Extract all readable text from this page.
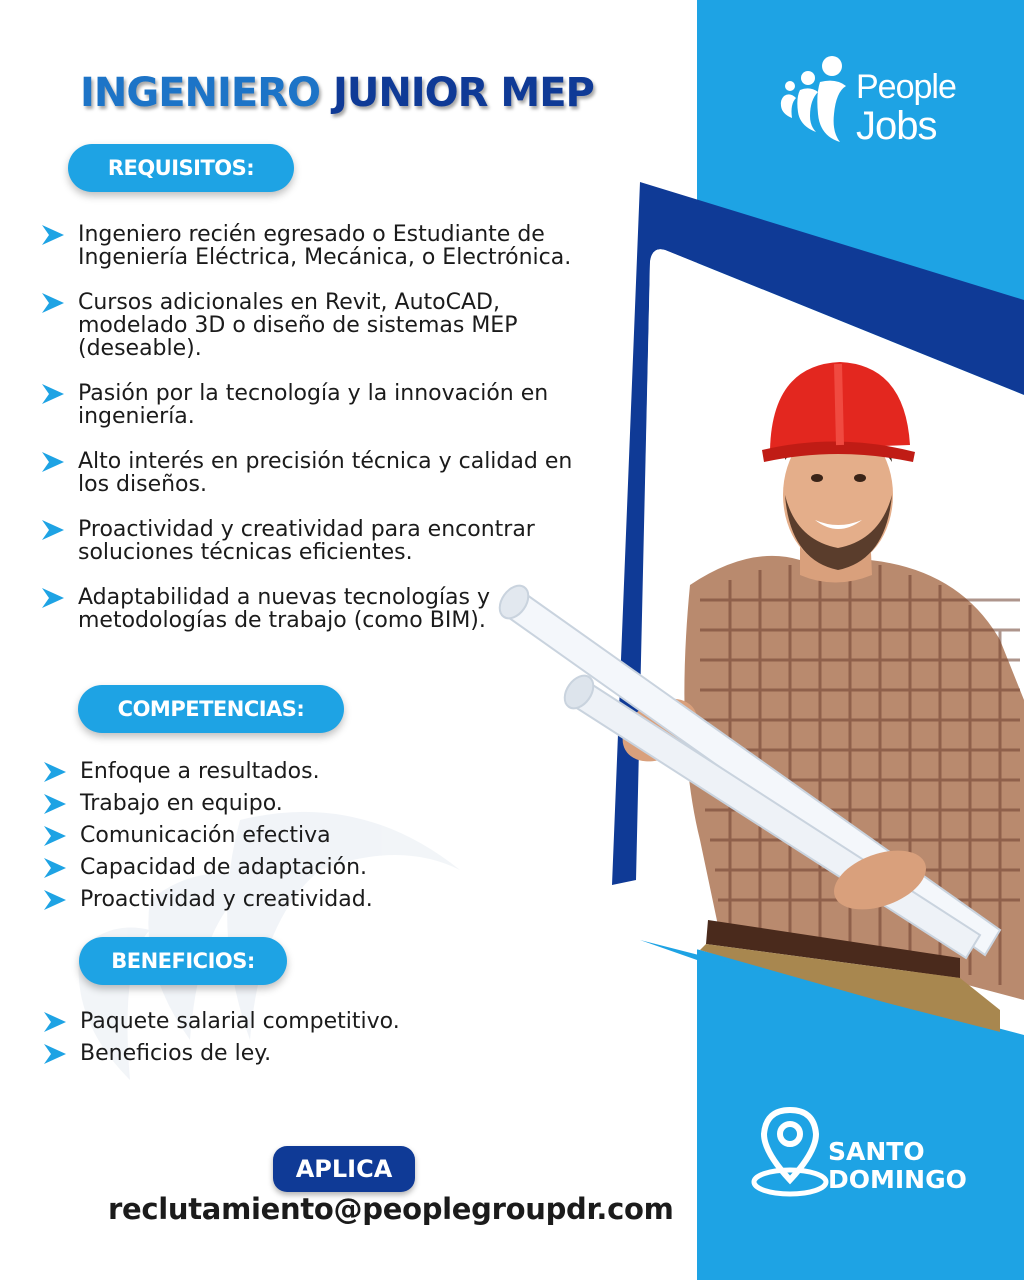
People
Jobs
INGENIERO JUNIOR MEP
REQUISITOS:
Ingeniero recién egresado o Estudiante de Ingeniería Eléctrica, Mecánica, o Electrónica.
Cursos adicionales en Revit, AutoCAD, modelado 3D o diseño de sistemas MEP (deseable).
Pasión por la tecnología y la innovación en ingeniería.
Alto interés en precisión técnica y calidad en los diseños.
Proactividad y creatividad para encontrar soluciones técnicas eficientes.
Adaptabilidad a nuevas tecnologías y metodologías de trabajo (como BIM).
COMPETENCIAS:
Enfoque a resultados.
Trabajo en equipo.
Comunicación efectiva
Capacidad de adaptación.
Proactividad y creatividad.
BENEFICIOS:
Paquete salarial competitivo.
Beneficios de ley.
APLICA
reclutamiento@peoplegroupdr.com
SANTO
DOMINGO
